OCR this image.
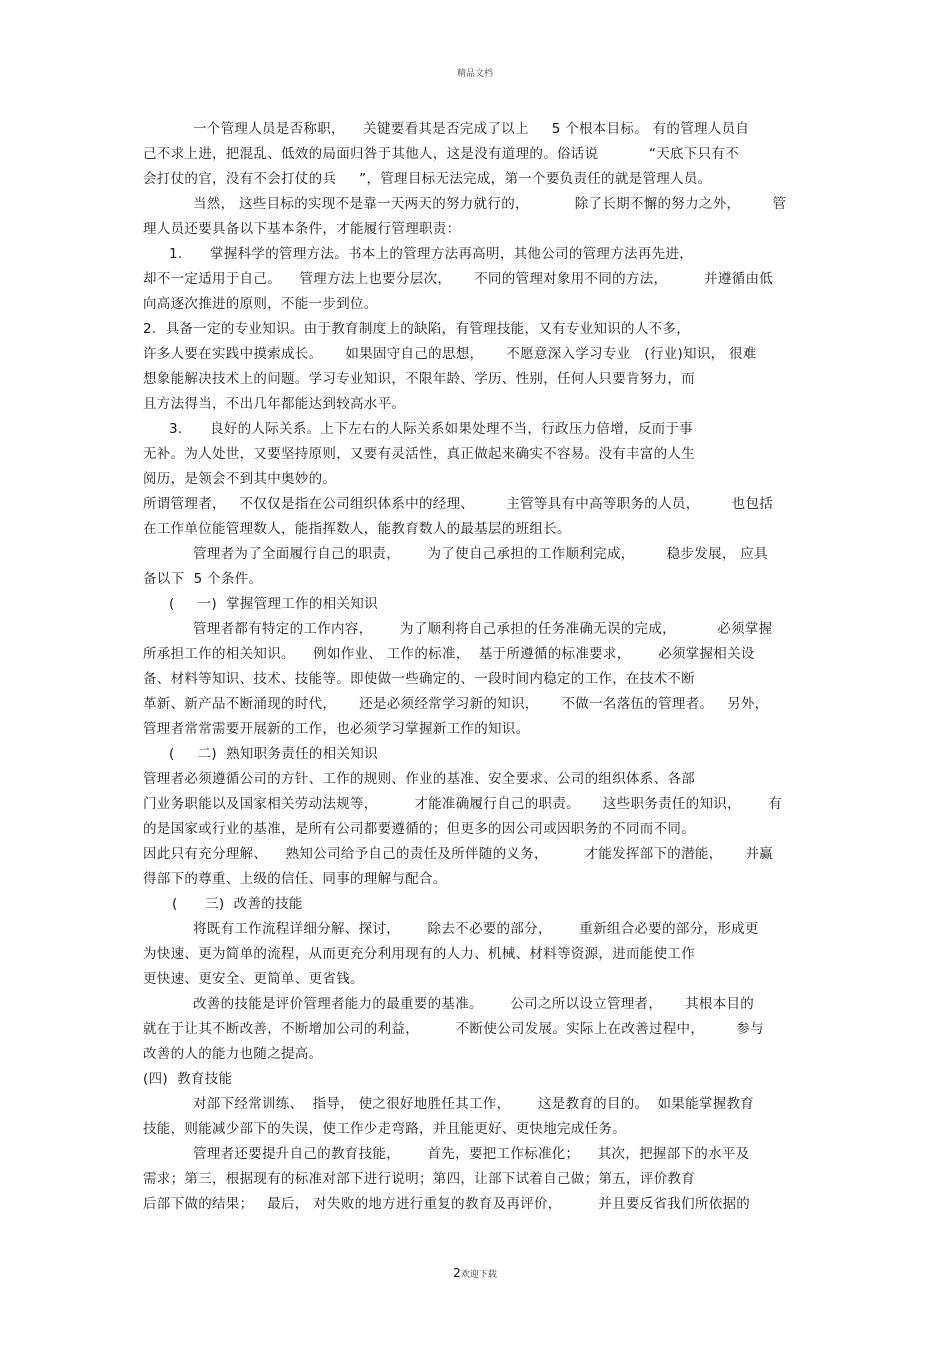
精品文档
一个管理人员是否称职，    关键要看其是否完成了以上     5 个根本目标。 有的管理人员自
己不求上进，把混乱、低效的局面归咎于其他人，这是没有道理的。俗话说           “天底下只有不
会打仗的官，没有不会打仗的兵     ”，管理目标无法完成，第一个要负责任的就是管理人员。
当然， 这些目标的实现不是靠一天两天的努力就行的，          除了长期不懈的努力之外，       管
理人员还要具备以下基本条件，才能履行管理职责：
1.      掌握科学的管理方法。书本上的管理方法再高明，其他公司的管理方法再先进，
却不一定适用于自己。    管理方法上也要分层次，     不同的管理对象用不同的方法，        并遵循由低
向高逐次推进的原则，不能一步到位。
2.  具备一定的专业知识。由于教育制度上的缺陷，有管理技能，又有专业知识的人不多，
许多人要在实践中摸索成长。     如果固守自己的思想，     不愿意深入学习专业   (行业)知识， 很难
想象能解决技术上的问题。学习专业知识，不限年龄、学历、性别，任何人只要肯努力，而
且方法得当，不出几年都能达到较高水平。
3.      良好的人际关系。上下左右的人际关系如果处理不当，行政压力倍增，反而于事
无补。为人处世，又要坚持原则，又要有灵活性，真正做起来确实不容易。没有丰富的人生
阅历，是领会不到其中奥妙的。
所谓管理者，   不仅仅是指在公司组织体系中的经理、       主管等具有中高等职务的人员，       也包括
在工作单位能管理数人，能指挥数人，能教育数人的最基层的班组长。
管理者为了全面履行自己的职责，      为了使自己承担的工作顺利完成，       稳步发展， 应具
备以下  5 个条件。
(     一)  掌握管理工作的相关知识
管理者都有特定的工作内容，      为了顺利将自己承担的任务准确无误的完成，         必须掌握
所承担工作的相关知识。    例如作业、 工作的标准，  基于所遵循的标准要求，      必须掌握相关设
备、材料等知识、技术、技能等。即使做一些确定的、一段时间内稳定的工作，在技术不断
革新、新产品不断涌现的时代，     还是必须经常学习新的知识，     不做一名落伍的管理者。   另外，
管理者常常需要开展新的工作，也必须学习掌握新工作的知识。
(     二)  熟知职务责任的相关知识
管理者必须遵循公司的方针、工作的规则、作业的基准、安全要求、公司的组织体系、各部
门业务职能以及国家相关劳动法规等，        才能准确履行自己的职责。     这些职务责任的知识，      有
的是国家或行业的基准，是所有公司都要遵循的；但更多的因公司或因职务的不同而不同。
因此只有充分理解、    熟知公司给予自己的责任及所伴随的义务，        才能发挥部下的潜能，     并赢
得部下的尊重、上级的信任、同事的理解与配合。
(      三)  改善的技能
将既有工作流程详细分解、探讨，      除去不必要的部分，      重新组合必要的部分，形成更
为快速、更为简单的流程，从而更充分利用现有的人力、机械、材料等资源，进而能使工作
更快速、更安全、更简单、更省钱。
改善的技能是评价管理者能力的最重要的基准。      公司之所以设立管理者，     其根本目的
就在于让其不断改善，不断增加公司的利益，        不断使公司发展。实际上在改善过程中，       参与
改善的人的能力也随之提高。
(四)  教育技能
对部下经常训练、  指导， 使之很好地胜任其工作，      这是教育的目的。  如果能掌握教育
技能，则能减少部下的失误，使工作少走弯路，并且能更好、更快地完成任务。
管理者还要提升自己的教育技能，      首先，要把工作标准化；    其次，把握部下的水平及
需求；第三，根据现有的标准对部下进行说明；第四，让部下试着自己做；第五，评价教育
后部下做的结果；   最后， 对失败的地方进行重复的教育及再评价，        并且要反省我们所依据的
2欢迎下载
